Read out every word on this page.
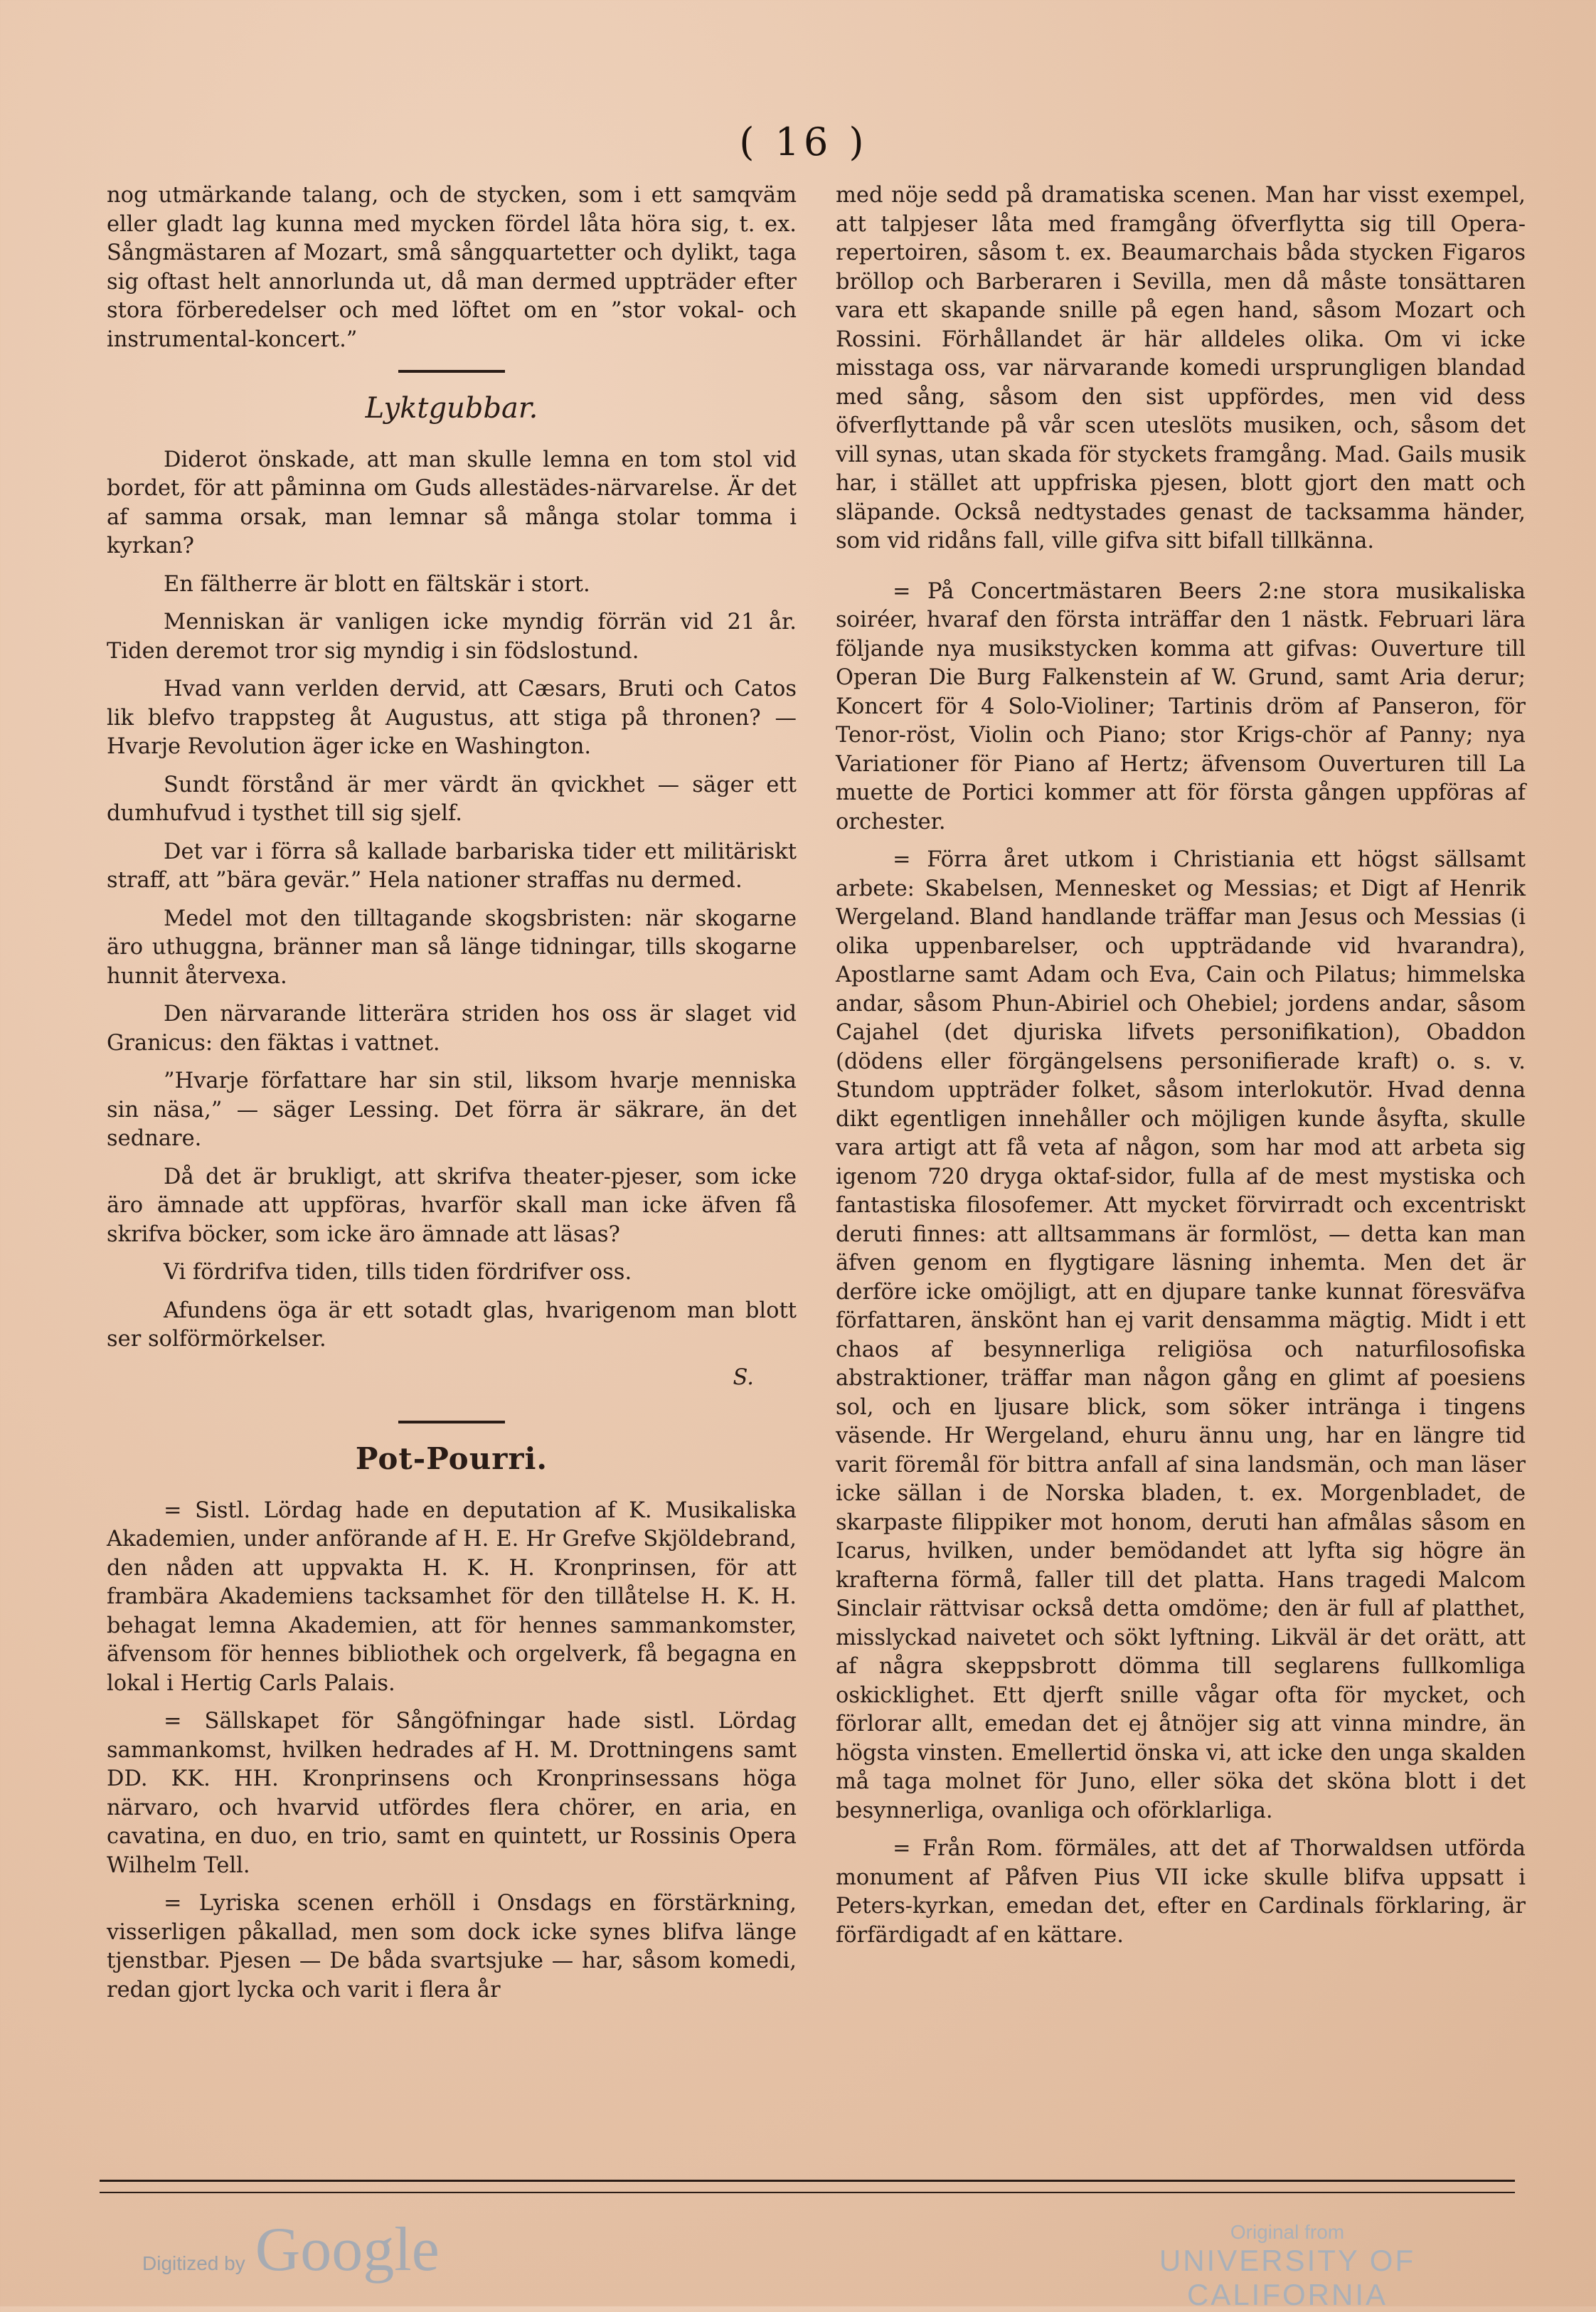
( 16 )

nog utmärkande talang, och de stycken, som i ett samqväm eller gladt lag kunna med mycken fördel låta höra sig, t. ex. Sångmästaren af Mozart, små sångquartetter och dylikt, taga sig oftast helt annorlunda ut, då man dermed uppträder efter stora förberedelser och med löftet om en ”stor vokal- och instrumental-koncert.”

Lyktgubbar.

Diderot önskade, att man skulle lemna en tom stol vid bordet, för att påminna om Guds allestädes-närvarelse. Är det af samma orsak, man lemnar så många stolar tomma i kyrkan?

En fältherre är blott en fältskär i stort.

Menniskan är vanligen icke myndig förrän vid 21 år. Tiden deremot tror sig myndig i sin födslostund.

Hvad vann verlden dervid, att Cæsars, Bruti och Catos lik blefvo trappsteg åt Augustus, att stiga på thronen? — Hvarje Revolution äger icke en Washington.

Sundt förstånd är mer värdt än qvickhet — säger ett dumhufvud i tysthet till sig sjelf.

Det var i förra så kallade barbariska tider ett militäriskt straff, att ”bära gevär.” Hela nationer straffas nu dermed.

Medel mot den tilltagande skogsbristen: när skogarne äro uthuggna, bränner man så länge tidningar, tills skogarne hunnit återvexa.

Den närvarande litterära striden hos oss är slaget vid Granicus: den fäktas i vattnet.

”Hvarje författare har sin stil, liksom hvarje menniska sin näsa,” — säger Lessing. Det förra är säkrare, än det sednare.

Då det är brukligt, att skrifva theater-pjeser, som icke äro ämnade att uppföras, hvarför skall man icke äfven få skrifva böcker, som icke äro ämnade att läsas?

Vi fördrifva tiden, tills tiden fördrifver oss.

Afundens öga är ett sotadt glas, hvarigenom man blott ser solförmörkelser.

S.
Pot-Pourri.

= Sistl. Lördag hade en deputation af K. Musikaliska Akademien, under anförande af H. E. Hr Grefve Skjöldebrand, den nåden att uppvakta H. K. H. Kronprinsen, för att frambära Akademiens tacksamhet för den tillåtelse H. K. H. behagat lemna Akademien, att för hennes sammankomster, äfvensom för hennes bibliothek och orgelverk, få begagna en lokal i Hertig Carls Palais.

= Sällskapet för Sångöfningar hade sistl. Lördag sammankomst, hvilken hedrades af H. M. Drottningens samt DD. KK. HH. Kronprinsens och Kronprinsessans höga närvaro, och hvarvid utfördes flera chörer, en aria, en cavatina, en duo, en trio, samt en quintett, ur Rossinis Opera Wilhelm Tell.

= Lyriska scenen erhöll i Onsdags en förstärkning, visserligen påkallad, men som dock icke synes blifva länge tjenstbar. Pjesen — De båda svartsjuke — har, såsom komedi, redan gjort lycka och varit i flera år

med nöje sedd på dramatiska scenen. Man har visst exempel, att talpjeser låta med framgång öfverflytta sig till Opera-repertoiren, såsom t. ex. Beaumarchais båda stycken Figaros bröllop och Barberaren i Sevilla, men då måste tonsättaren vara ett skapande snille på egen hand, såsom Mozart och Rossini. Förhållandet är här alldeles olika. Om vi icke misstaga oss, var närvarande komedi ursprungligen blandad med sång, såsom den sist uppfördes, men vid dess öfverflyttande på vår scen uteslöts musiken, och, såsom det vill synas, utan skada för styckets framgång. Mad. Gails musik har, i stället att uppfriska pjesen, blott gjort den matt och släpande. Också nedtystades genast de tacksamma händer, som vid ridåns fall, ville gifva sitt bifall tillkänna.

= På Concertmästaren Beers 2:ne stora musikaliska soiréer, hvaraf den första inträffar den 1 nästk. Februari lära följande nya musikstycken komma att gifvas: Ouverture till Operan Die Burg Falkenstein af W. Grund, samt Aria derur; Koncert för 4 Solo-Violiner; Tartinis dröm af Panseron, för Tenor-röst, Violin och Piano; stor Krigs-chör af Panny; nya Variationer för Piano af Hertz; äfvensom Ouverturen till La muette de Portici kommer att för första gången uppföras af orchester.

= Förra året utkom i Christiania ett högst sällsamt arbete: Skabelsen, Mennesket og Messias; et Digt af Henrik Wergeland. Bland handlande träffar man Jesus och Messias (i olika uppenbarelser, och uppträdande vid hvarandra), Apostlarne samt Adam och Eva, Cain och Pilatus; himmelska andar, såsom Phun-Abiriel och Ohebiel; jordens andar, såsom Cajahel (det djuriska lifvets personifikation), Obaddon (dödens eller förgängelsens personifierade kraft) o. s. v. Stundom uppträder folket, såsom interlokutör. Hvad denna dikt egentligen innehåller och möjligen kunde åsyfta, skulle vara artigt att få veta af någon, som har mod att arbeta sig igenom 720 dryga oktaf-sidor, fulla af de mest mystiska och fantastiska filosofemer. Att mycket förvirradt och excentriskt deruti finnes: att alltsammans är formlöst, — detta kan man äfven genom en flygtigare läsning inhemta. Men det är derföre icke omöjligt, att en djupare tanke kunnat föresväfva författaren, änskönt han ej varit densamma mägtig. Midt i ett chaos af besynnerliga religiösa och naturfilosofiska abstraktioner, träffar man någon gång en glimt af poesiens sol, och en ljusare blick, som söker intränga i tingens väsende. Hr Wergeland, ehuru ännu ung, har en längre tid varit föremål för bittra anfall af sina landsmän, och man läser icke sällan i de Norska bladen, t. ex. Morgenbladet, de skarpaste filippiker mot honom, deruti han afmålas såsom en Icarus, hvilken, under bemödandet att lyfta sig högre än krafterna förmå, faller till det platta. Hans tragedi Malcom Sinclair rättvisar också detta omdöme; den är full af platthet, misslyckad naivetet och sökt lyftning. Likväl är det orätt, att af några skeppsbrott dömma till seglarens fullkomliga oskicklighet. Ett djerft snille vågar ofta för mycket, och förlorar allt, emedan det ej åtnöjer sig att vinna mindre, än högsta vinsten. Emellertid önska vi, att icke den unga skalden må taga molnet för Juno, eller söka det sköna blott i det besynnerliga, ovanliga och oförklarliga.

= Från Rom. förmäles, att det af Thorwaldsen utförda monument af Påfven Pius VII icke skulle blifva uppsatt i Peters-kyrkan, emedan det, efter en Cardinals förklaring, är förfärdigadt af en kättare.

Digitized by Google	Original from
UNIVERSITY OF CALIFORNIA
